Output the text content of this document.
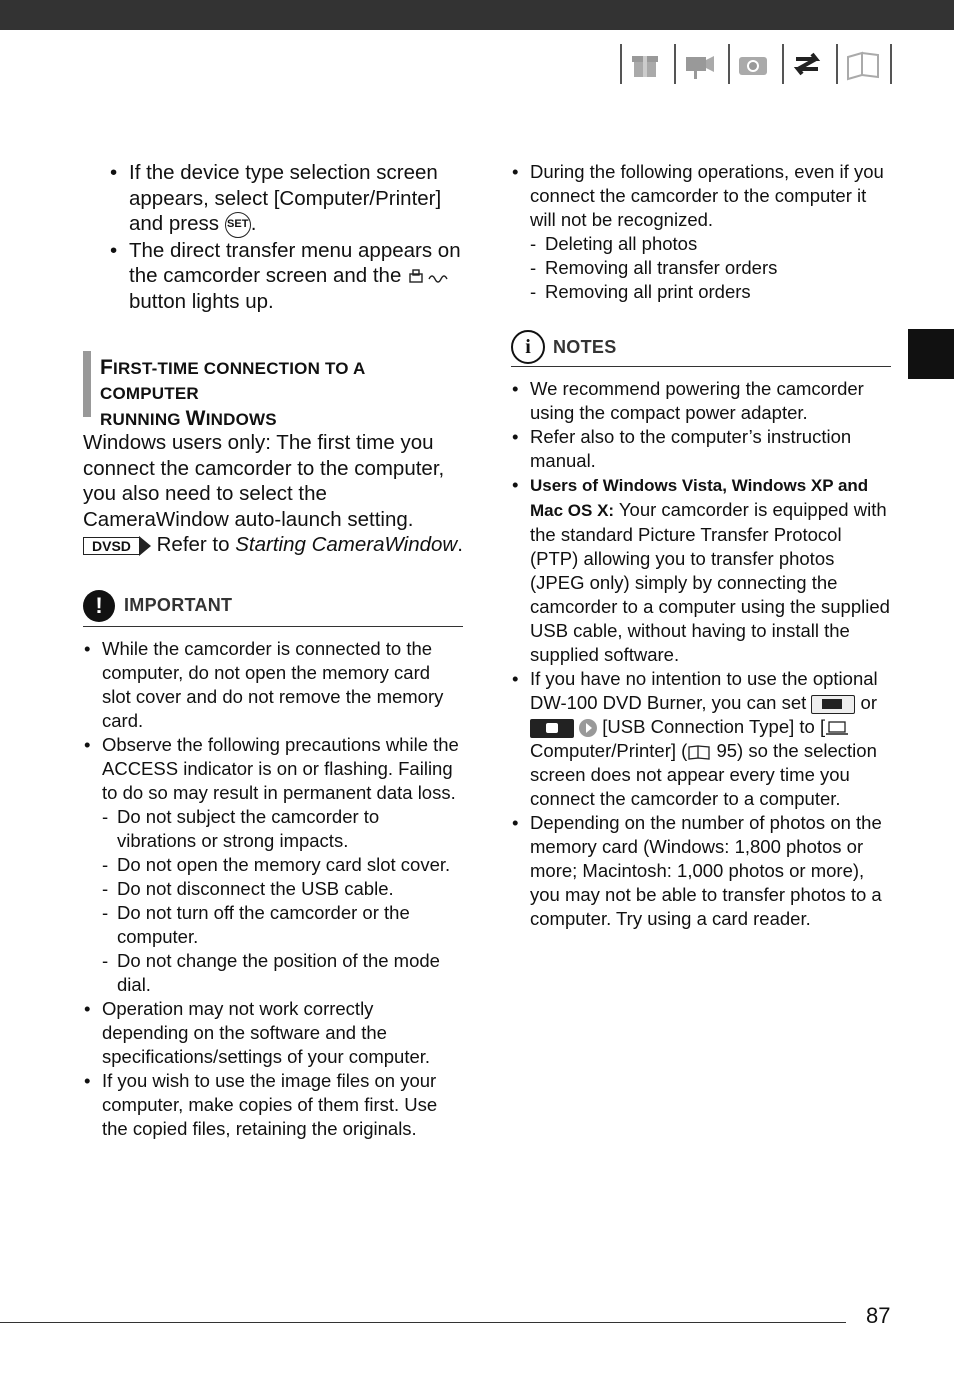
• If the device type selection screen appears, select [Computer/Printer] and press SET .
• The direct transfer menu appears on the camcorder screen and the button lights up.
FIRST-TIME CONNECTION TO A COMPUTER
RUNNING WINDOWS
Windows users only: The first time you connect the camcorder to the computer, you also need to select the CameraWindow auto-launch setting.

DVSD	Refer to Starting CameraWindow.
!	IMPORTANT
• While the camcorder is connected to the computer, do not open the memory card slot cover and do not remove the memory card.
• Observe the following precautions while the ACCESS indicator is on or flashing. Failing to do so may result in permanent data loss.
- Do not subject the camcorder to vibrations or strong impacts.
- Do not open the memory card slot cover.
- Do not disconnect the USB cable.
- Do not turn off the camcorder or the computer.
- Do not change the position of the mode dial.
• Operation may not work correctly depending on the software and the specifications/settings of your computer.
• If you wish to use the image files on your computer, make copies of them first. Use the copied files, retaining the originals.
• During the following operations, even if you connect the camcorder to the computer it will not be recognized.
- Deleting all photos
- Removing all transfer orders
- Removing all print orders
i	NOTES
• We recommend powering the camcorder using the compact power adapter.
• Refer also to the computer’s instruction manual.
• Users of Windows Vista, Windows XP and Mac OS X: Your camcorder is equipped with the standard Picture Transfer Protocol (PTP) allowing you to transfer photos (JPEG only) simply by connecting the camcorder to a computer using the supplied USB cable, without having to install the supplied software.
• If you have no intention to use the optional DW-100 DVD Burner, you can set	or   [USB Connection Type] to [ Computer/Printer] ( 95) so the selection screen does not appear every time you connect the camcorder to a computer.
• Depending on the number of photos on the memory card (Windows: 1,800 photos or more; Macintosh: 1,000 photos or more), you may not be able to transfer photos to a computer. Try using a card reader.
87
